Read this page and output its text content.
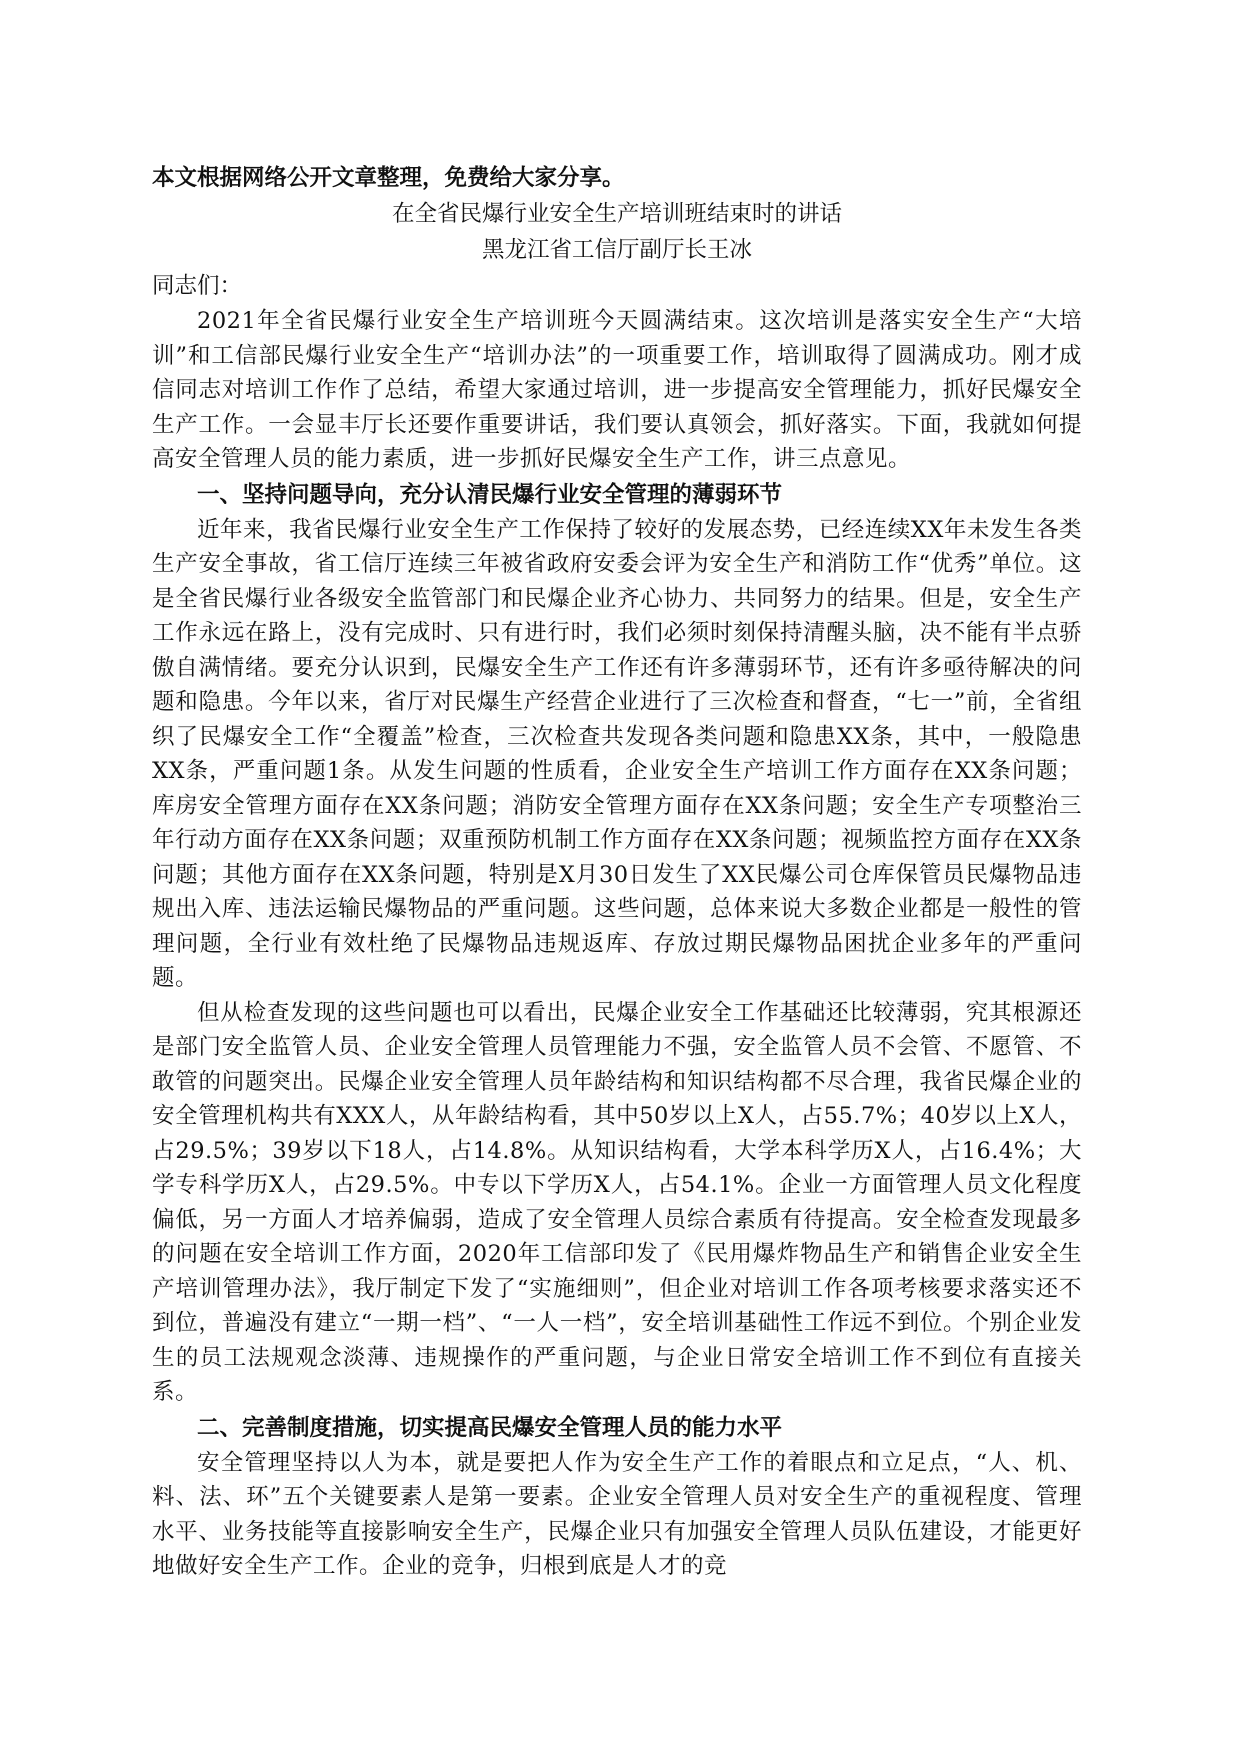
本文根据网络公开文章整理，免费给大家分享。

在全省民爆行业安全生产培训班结束时的讲话

黑龙江省工信厅副厅长王冰

同志们：

2021年全省民爆行业安全生产培训班今天圆满结束。这次培训是落实安全生产“大培训”和工信部民爆行业安全生产“培训办法”的一项重要工作，培训取得了圆满成功。刚才成信同志对培训工作作了总结，希望大家通过培训，进一步提高安全管理能力，抓好民爆安全生产工作。一会显丰厅长还要作重要讲话，我们要认真领会，抓好落实。下面，我就如何提高安全管理人员的能力素质，进一步抓好民爆安全生产工作，讲三点意见。

一、坚持问题导向，充分认清民爆行业安全管理的薄弱环节

近年来，我省民爆行业安全生产工作保持了较好的发展态势，已经连续XX年未发生各类生产安全事故，省工信厅连续三年被省政府安委会评为安全生产和消防工作“优秀”单位。这是全省民爆行业各级安全监管部门和民爆企业齐心协力、共同努力的结果。但是，安全生产工作永远在路上，没有完成时、只有进行时，我们必须时刻保持清醒头脑，决不能有半点骄傲自满情绪。要充分认识到，民爆安全生产工作还有许多薄弱环节，还有许多亟待解决的问题和隐患。今年以来，省厅对民爆生产经营企业进行了三次检查和督查，“七一”前，全省组织了民爆安全工作“全覆盖”检查，三次检查共发现各类问题和隐患XX条，其中，一般隐患XX条，严重问题1条。从发生问题的性质看，企业安全生产培训工作方面存在XX条问题；库房安全管理方面存在XX条问题；消防安全管理方面存在XX条问题；安全生产专项整治三年行动方面存在XX条问题；双重预防机制工作方面存在XX条问题；视频监控方面存在XX条问题；其他方面存在XX条问题，特别是X月30日发生了XX民爆公司仓库保管员民爆物品违规出入库、违法运输民爆物品的严重问题。这些问题，总体来说大多数企业都是一般性的管理问题，全行业有效杜绝了民爆物品违规返库、存放过期民爆物品困扰企业多年的严重问题。

但从检查发现的这些问题也可以看出，民爆企业安全工作基础还比较薄弱，究其根源还是部门安全监管人员、企业安全管理人员管理能力不强，安全监管人员不会管、不愿管、不敢管的问题突出。民爆企业安全管理人员年龄结构和知识结构都不尽合理，我省民爆企业的安全管理机构共有XXX人，从年龄结构看，其中50岁以上X人，占55.7%；40岁以上X人，占29.5%；39岁以下18人，占14.8%。从知识结构看，大学本科学历X人，占16.4%；大学专科学历X人，占29.5%。中专以下学历X人，占54.1%。企业一方面管理人员文化程度偏低，另一方面人才培养偏弱，造成了安全管理人员综合素质有待提高。安全检查发现最多的问题在安全培训工作方面，2020年工信部印发了《民用爆炸物品生产和销售企业安全生产培训管理办法》，我厅制定下发了“实施细则”，但企业对培训工作各项考核要求落实还不到位，普遍没有建立“一期一档”、“一人一档”，安全培训基础性工作远不到位。个别企业发生的员工法规观念淡薄、违规操作的严重问题，与企业日常安全培训工作不到位有直接关系。

二、完善制度措施，切实提高民爆安全管理人员的能力水平

安全管理坚持以人为本，就是要把人作为安全生产工作的着眼点和立足点，“人、机、料、法、环”五个关键要素人是第一要素。企业安全管理人员对安全生产的重视程度、管理水平、业务技能等直接影响安全生产，民爆企业只有加强安全管理人员队伍建设，才能更好地做好安全生产工作。企业的竞争，归根到底是人才的竞
